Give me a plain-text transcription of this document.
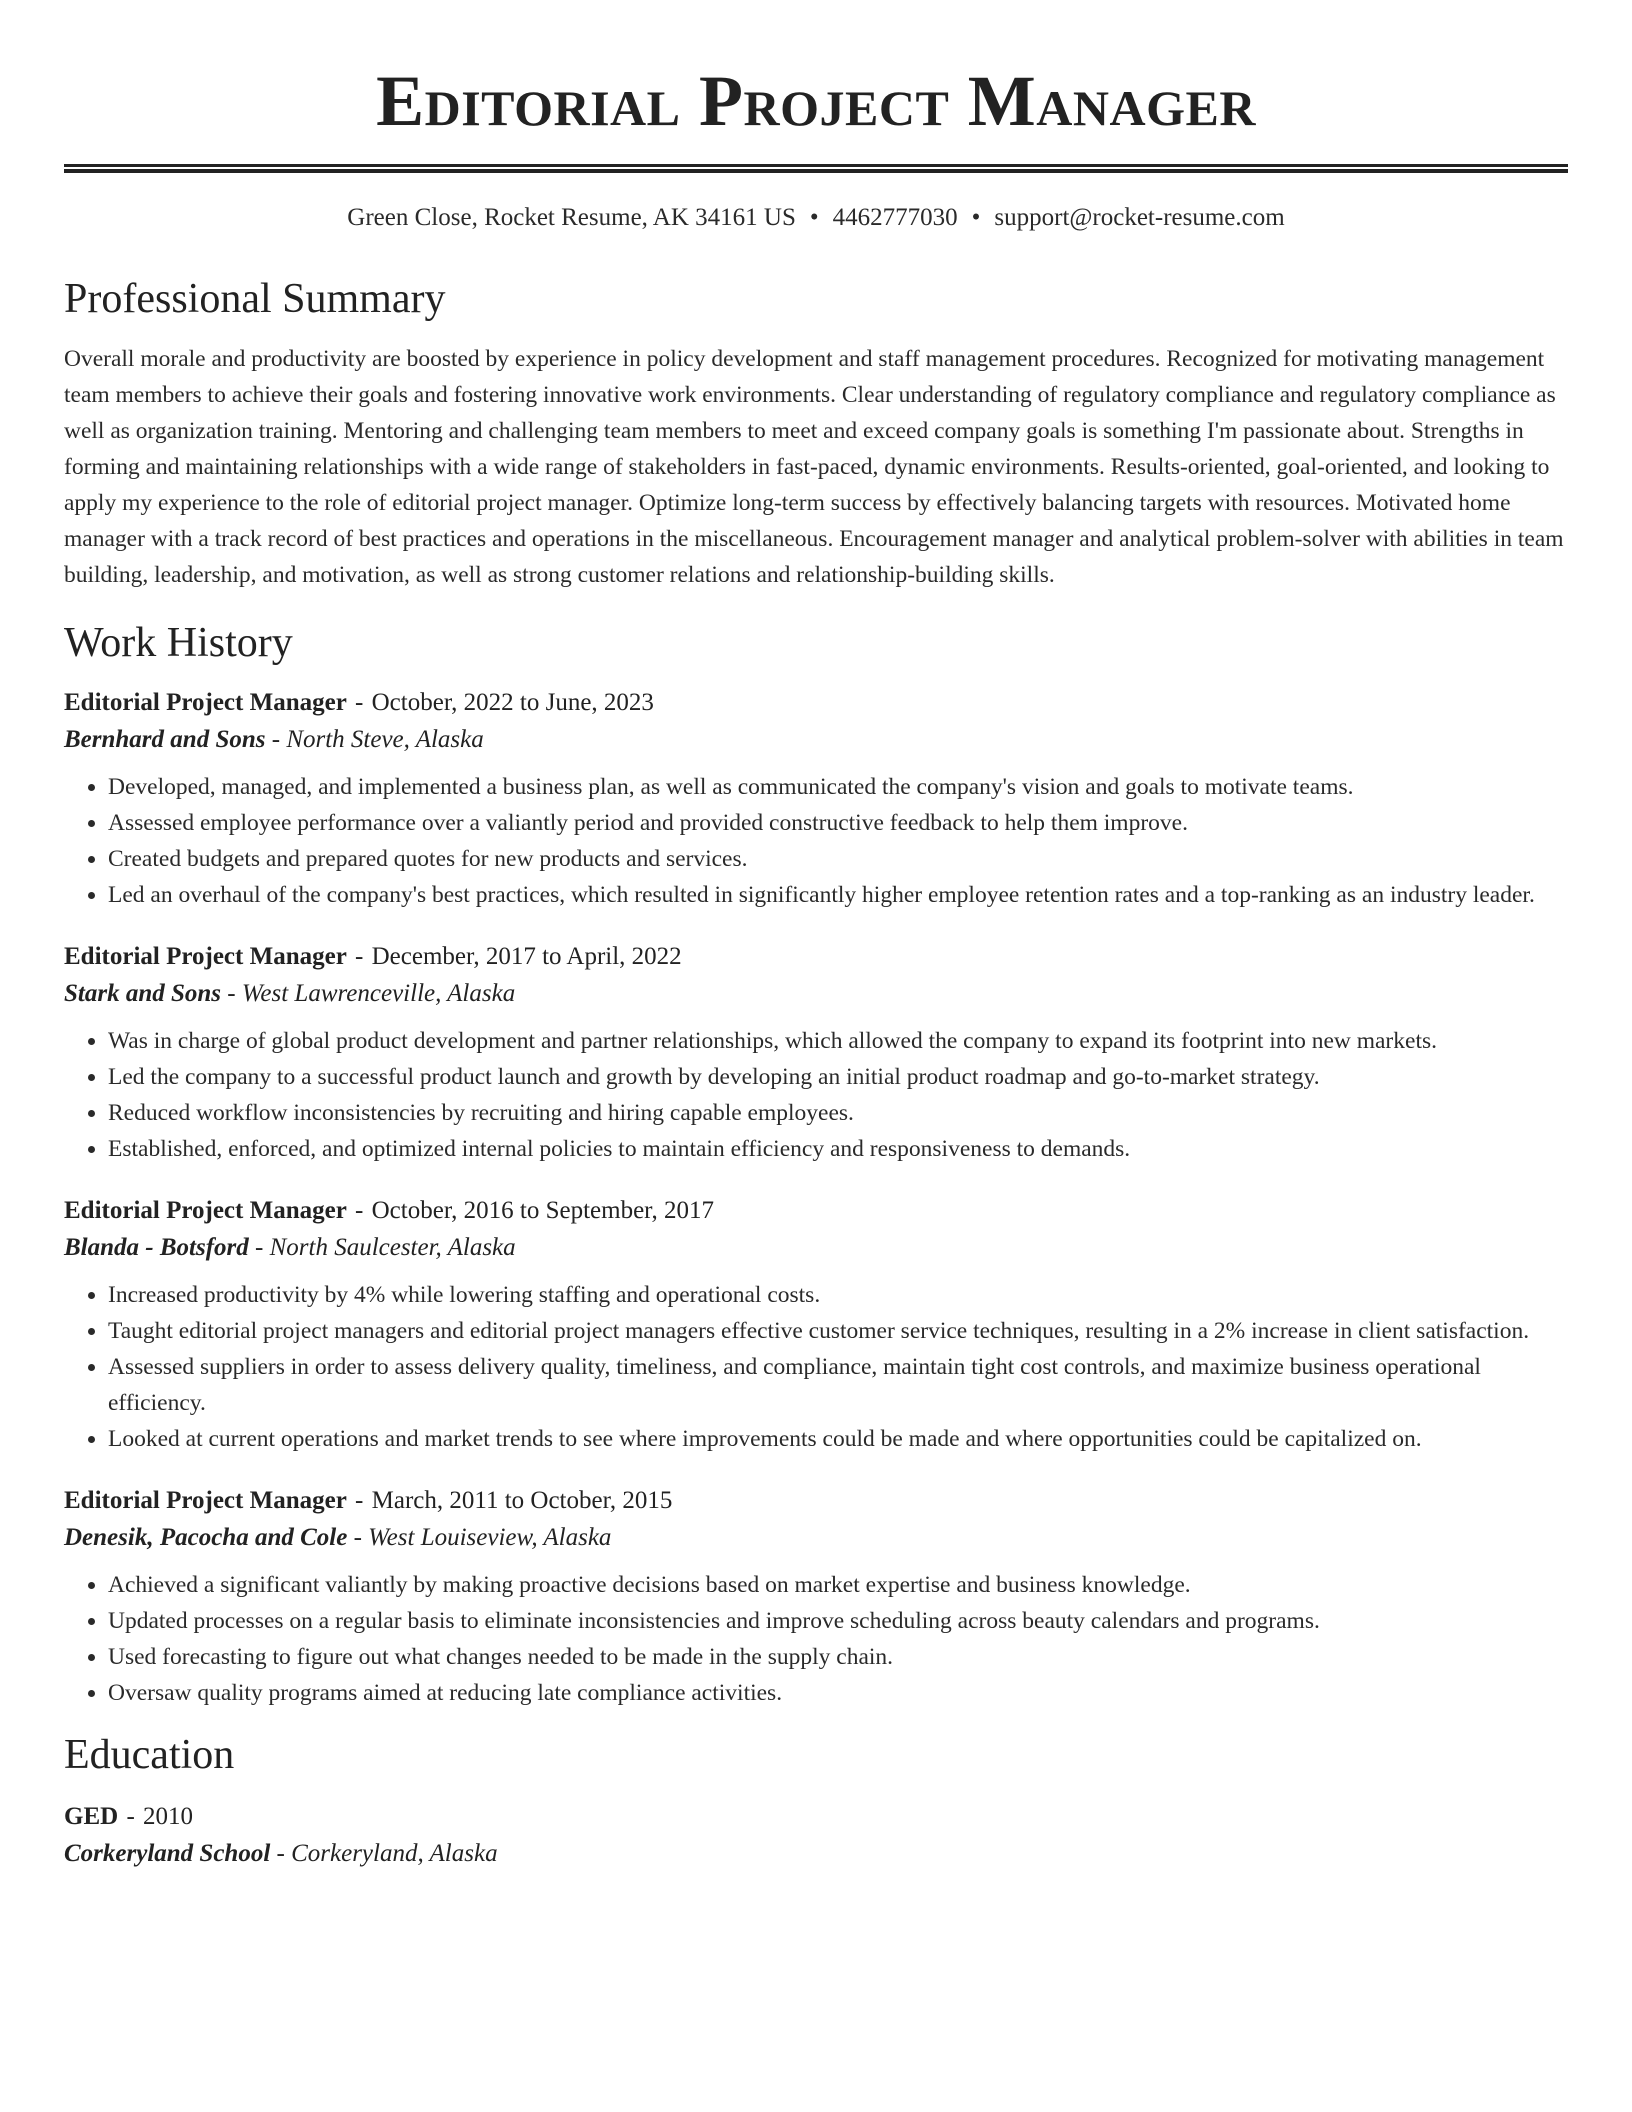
Editorial Project Manager
Green Close, Rocket Resume, AK 34161 US • 4462777030 • support@rocket-resume.com
Professional Summary

Overall morale and productivity are boosted by experience in policy development and staff management procedures. Recognized for motivating management team members to achieve their goals and fostering innovative work environments. Clear understanding of regulatory compliance and regulatory compliance as well as organization training. Mentoring and challenging team members to meet and exceed company goals is something I'm passionate about. Strengths in forming and maintaining relationships with a wide range of stakeholders in fast-paced, dynamic environments. Results-oriented, goal-oriented, and looking to apply my experience to the role of editorial project manager. Optimize long-term success by effectively balancing targets with resources. Motivated home manager with a track record of best practices and operations in the miscellaneous. Encouragement manager and analytical problem-solver with abilities in team building, leadership, and motivation, as well as strong customer relations and relationship-building skills.

Work History
Editorial Project Manager - October, 2022 to June, 2023
Bernhard and Sons - North Steve, Alaska
• Developed, managed, and implemented a business plan, as well as communicated the company's vision and goals to motivate teams.
• Assessed employee performance over a valiantly period and provided constructive feedback to help them improve.
• Created budgets and prepared quotes for new products and services.
• Led an overhaul of the company's best practices, which resulted in significantly higher employee retention rates and a top-ranking as an industry leader.
Editorial Project Manager - December, 2017 to April, 2022
Stark and Sons - West Lawrenceville, Alaska
• Was in charge of global product development and partner relationships, which allowed the company to expand its footprint into new markets.
• Led the company to a successful product launch and growth by developing an initial product roadmap and go-to-market strategy.
• Reduced workflow inconsistencies by recruiting and hiring capable employees.
• Established, enforced, and optimized internal policies to maintain efficiency and responsiveness to demands.
Editorial Project Manager - October, 2016 to September, 2017
Blanda - Botsford - North Saulcester, Alaska
• Increased productivity by 4% while lowering staffing and operational costs.
• Taught editorial project managers and editorial project managers effective customer service techniques, resulting in a 2% increase in client satisfaction.
• Assessed suppliers in order to assess delivery quality, timeliness, and compliance, maintain tight cost controls, and maximize business operational efficiency.
• Looked at current operations and market trends to see where improvements could be made and where opportunities could be capitalized on.
Editorial Project Manager - March, 2011 to October, 2015
Denesik, Pacocha and Cole - West Louiseview, Alaska
• Achieved a significant valiantly by making proactive decisions based on market expertise and business knowledge.
• Updated processes on a regular basis to eliminate inconsistencies and improve scheduling across beauty calendars and programs.
• Used forecasting to figure out what changes needed to be made in the supply chain.
• Oversaw quality programs aimed at reducing late compliance activities.
Education
GED - 2010
Corkeryland School - Corkeryland, Alaska
